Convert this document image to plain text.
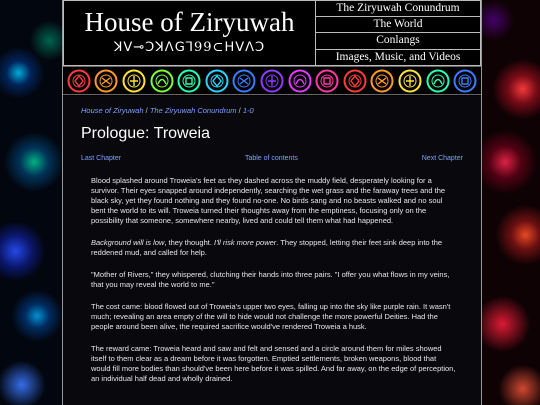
House of Ziryuwah
ꓘꓦ⊸ꓛꓘꓥꓖꓶ99⊂ꓧꓦꓥꓛ
The Ziryuwah Conundrum
The World
Conlangs
Images, Music, and Videos
House of Ziryuwah / The Ziryuwah Conundrum / 1-0
Prologue: Troweia
Last Chapter	Table of contents	Next Chapter

Blood splashed around Troweia's feet as they dashed across the muddy field, desperately looking for a survivor. Their eyes snapped around independently, searching the wet grass and the faraway trees and the black sky, yet they found nothing and they found no-one. No birds sang and no beasts walked and no soul bent the world to its will. Troweia turned their thoughts away from the emptiness, focusing only on the possibility that someone, somewhere nearby, lived and could tell them what had happened.

Background will is low, they thought. I'll risk more power. They stopped, letting their feet sink deep into the reddened mud, and called for help.

"Mother of Rivers," they whispered, clutching their hands into three pairs. "I offer you what flows in my veins, that you may reveal the world to me."

The cost came: blood flowed out of Troweia's upper two eyes, falling up into the sky like purple rain. It wasn't much; revealing an area empty of the will to hide would not challenge the more powerful Deities. Had the people around been alive, the required sacrifice would've rendered Troweia a husk.

The reward came: Troweia heard and saw and felt and sensed and a circle around them for miles showed itself to them clear as a dream before it was forgotten. Emptied settlements, broken weapons, blood that would fill more bodies than should've been here before it was spilled. And far away, on the edge of perception, an individual half dead and wholly drained.
